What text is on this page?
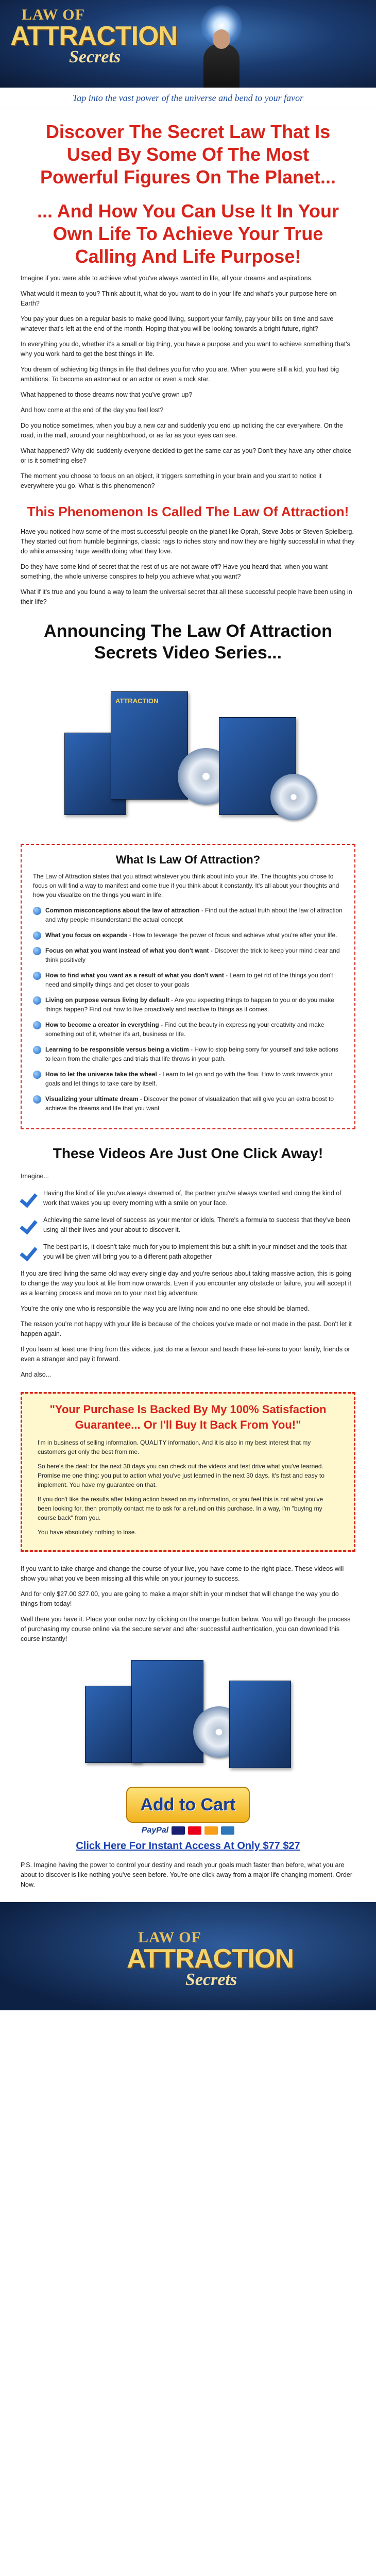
LAW OF
ATTRACTION
Secrets
Tap into the vast power of the universe and bend to your favor
Discover The Secret Law That Is Used By Some Of The Most Powerful Figures On The Planet...
... And How You Can Use It In Your Own Life To Achieve Your True Calling And Life Purpose!

Imagine if you were able to achieve what you've always wanted in life, all your dreams and aspirations.

What would it mean to you? Think about it, what do you want to do in your life and what's your purpose here on Earth?

You pay your dues on a regular basis to make good living, support your family, pay your bills on time and save whatever that's left at the end of the month. Hoping that you will be looking towards a bright future, right?

In everything you do, whether it's a small or big thing, you have a purpose and you want to achieve something that's why you work hard to get the best things in life.

You dream of achieving big things in life that defines you for who you are. When you were still a kid, you had big ambitions. To become an astronaut or an actor or even a rock star.

What happened to those dreams now that you've grown up?

And how come at the end of the day you feel lost?

Do you notice sometimes, when you buy a new car and suddenly you end up noticing the car everywhere. On the road, in the mall, around your neighborhood, or as far as your eyes can see.

What happened? Why did suddenly everyone decided to get the same car as you? Don't they have any other choice or is it something else?

The moment you choose to focus on an object, it triggers something in your brain and you start to notice it everywhere you go. What is this phenomenon?

This Phenomenon Is Called The Law Of Attraction!

Have you noticed how some of the most successful people on the planet like Oprah, Steve Jobs or Steven Spielberg. They started out from humble beginnings, classic rags to riches story and now they are highly successful in what they do while amassing huge wealth doing what they love.

Do they have some kind of secret that the rest of us are not aware off? Have you heard that, when you want something, the whole universe conspires to help you achieve what you want?

What if it's true and you found a way to learn the universal secret that all these successful people have been using in their life?

Announcing The Law Of Attraction Secrets Video Series...
ATTRACTION
What Is Law Of Attraction?

The Law of Attraction states that you attract whatever you think about into your life. The thoughts you chose to focus on will find a way to manifest and come true if you think about it constantly. It's all about your thoughts and how you visualize on the things you want in life.

Common misconceptions about the law of attraction - Find out the actual truth about the law of attraction and why people misunderstand the actual concept
What you focus on expands - How to leverage the power of focus and achieve what you're after your life.
Focus on what you want instead of what you don't want - Discover the trick to keep your mind clear and think positively
How to find what you want as a result of what you don't want - Learn to get rid of the things you don't need and simplify things and get closer to your goals
Living on purpose versus living by default - Are you expecting things to happen to you or do you make things happen? Find out how to live proactively and reactive to things as it comes.
How to become a creator in everything - Find out the beauty in expressing your creativity and make something out of it, whether it's art, business or life.
Learning to be responsible versus being a victim - How to stop being sorry for yourself and take actions to learn from the challenges and trials that life throws in your path.
How to let the universe take the wheel - Learn to let go and go with the flow. How to work towards your goals and let things to take care by itself.
Visualizing your ultimate dream - Discover the power of visualization that will give you an extra boost to achieve the dreams and life that you want
These Videos Are Just One Click Away!

Imagine...

Having the kind of life you've always dreamed of, the partner you've always wanted and doing the kind of work that wakes you up every morning with a smile on your face.
Achieving the same level of success as your mentor or idols. There's a formula to success that they've been using all their lives and your about to discover it.
The best part is, it doesn't take much for you to implement this but a shift in your mindset and the tools that you will be given will bring you to a different path altogether

If you are tired living the same old way every single day and you're serious about taking massive action, this is going to change the way you look at life from now onwards. Even if you encounter any obstacle or failure, you will accept it as a learning process and move on to your next big adventure.

You're the only one who is responsible the way you are living now and no one else should be blamed.

The reason you're not happy with your life is because of the choices you've made or not made in the past. Don't let it happen again.

If you learn at least one thing from this videos, just do me a favour and teach these lei-sons to your family, friends or even a stranger and pay it forward.

And also...

"Your Purchase Is Backed By My 100% Satisfaction Guarantee... Or I'll Buy It Back From You!"

I'm in business of selling information. QUALITY information. And it is also in my best interest that my customers get only the best from me.

So here's the deal: for the next 30 days you can check out the videos and test drive what you've learned. Promise me one thing: you put to action what you've just learned in the next 30 days. It's fast and easy to implement. You have my guarantee on that.

If you don't like the results after taking action based on my information, or you feel this is not what you've been looking for, then promptly contact me to ask for a refund on this purchase. In a way, I'm "buying my course back" from you.

You have absolutely nothing to lose.

If you want to take charge and change the course of your live, you have come to the right place. These videos will show you what you've been missing all this while on your journey to success.

And for only $27.00 $27.00, you are going to make a major shift in your mindset that will change the way you do things from today!

Well there you have it. Place your order now by clicking on the orange button below. You will go through the process of purchasing my course online via the secure server and after successful authentication, you can download this course instantly!

Add to Cart
PayPal
Click Here For Instant Access At Only $77 $27

P.S. Imagine having the power to control your destiny and reach your goals much faster than before, what you are about to discover is like nothing you've seen before. You're one click away from a major life changing moment. Order Now.

LAW OF
ATTRACTION
Secrets
